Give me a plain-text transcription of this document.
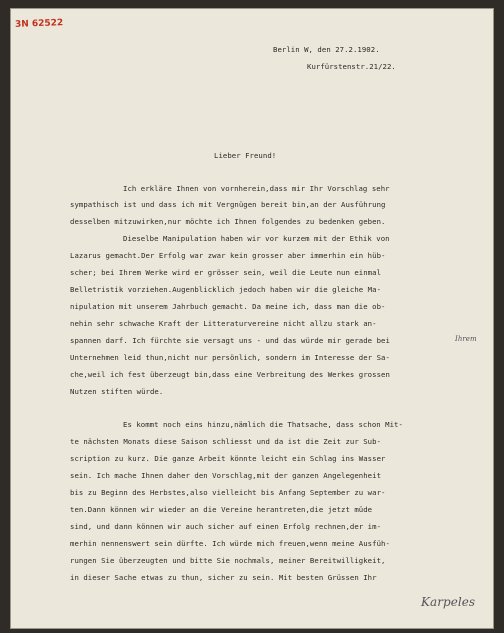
3N 62522
Berlin W, den 27.2.1902.
Kurfürstenstr.21/22.
Lieber Freund!
Ich erkläre Ihnen von vornherein,dass mir Ihr Vorschlag sehr
sympathisch ist und dass ich mit Vergnügen bereit bin,an der Ausführung
desselben mitzuwirken,nur möchte ich Ihnen folgendes zu bedenken geben.
Dieselbe Manipulation haben wir vor kurzem mit der Ethik von
Lazarus gemacht.Der Erfolg war zwar kein grosser aber immerhin ein hüb-
scher; bei Ihrem Werke wird er grösser sein, weil die Leute nun einmal
Belletristik vorziehen.Augenblicklich jedoch haben wir die gleiche Ma-
nipulation mit unserem Jahrbuch gemacht. Da meine ich, dass man die ob-
nehin sehr schwache Kraft der Litteraturvereine nicht allzu stark an-
spannen darf. Ich fürchte sie versagt uns - und das würde mir gerade bei	Ihrem
Unternehmen leid thun,nicht nur persönlich, sondern im Interesse der Sa-
che,weil ich fest überzeugt bin,dass eine Verbreitung des Werkes grossen
Nutzen stiften würde.
Es kommt noch eins hinzu,nämlich die Thatsache, dass schon Mit-
te nächsten Monats diese Saison schliesst und da ist die Zeit zur Sub-
scription zu kurz. Die ganze Arbeit könnte leicht ein Schlag ins Wasser
sein. Ich mache Ihnen daher den Vorschlag,mit der ganzen Angelegenheit
bis zu Beginn des Herbstes,also vielleicht bis Anfang September zu war-
ten.Dann können wir wieder an die Vereine herantreten,die jetzt müde
sind, und dann können wir auch sicher auf einen Erfolg rechnen,der im-
merhin nennenswert sein dürfte. Ich würde mich freuen,wenn meine Ausfüh-
rungen Sie überzeugten und bitte Sie nochmals, meiner Bereitwilligkeit,
in dieser Sache etwas zu thun, sicher zu sein. Mit besten Grüssen Ihr
Karpeles
